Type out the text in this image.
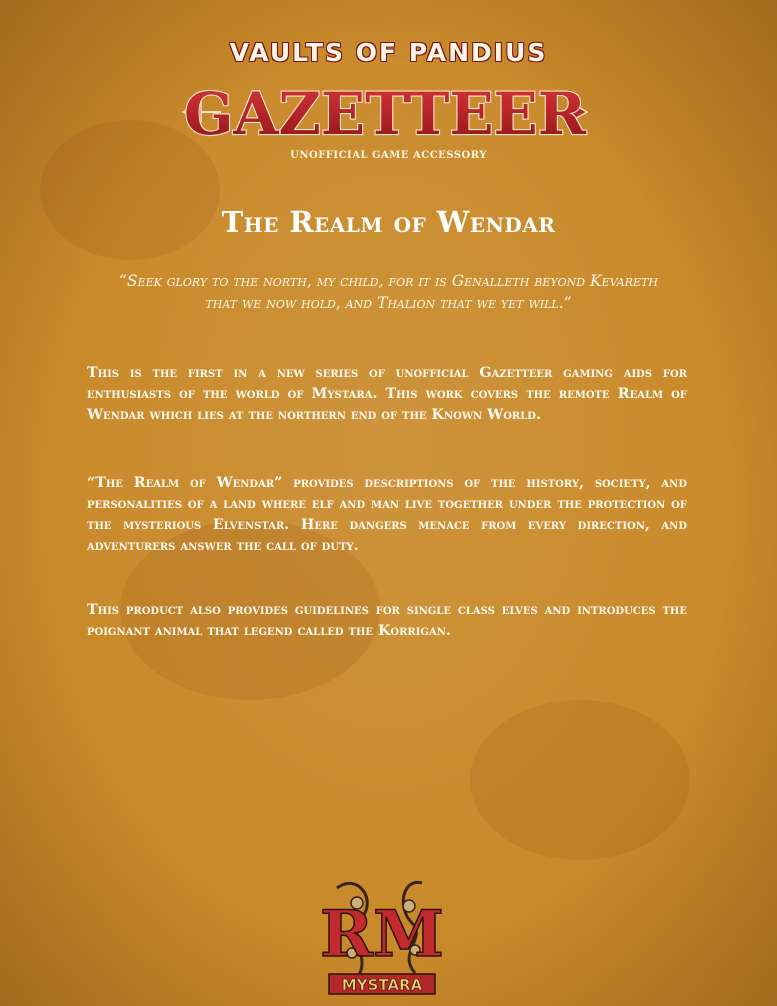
VAULTS OF PANDIUS
GAZETTEER
UNOFFICIAL GAME ACCESSORY
The Realm of Wendar
“Seek glory to the north, my child, for it is Genalleth beyond Kevareth that we now hold, and Thalion that we yet will.”
This is the first in a new series of unofficial Gazetteer gaming aids for enthusiasts of the world of Mystara. This work covers the remote Realm of Wendar which lies at the northern end of the Known World.
“The Realm of Wendar” provides descriptions of the history, society, and personalities of a land where elf and man live together under the protection of the mysterious Elvenstar. Here dangers menace from every direction, and adventurers answer the call of duty.
This product also provides guidelines for single class elves and introduces the poignant animal that legend called the Korrigan.
RM
MYSTARA
